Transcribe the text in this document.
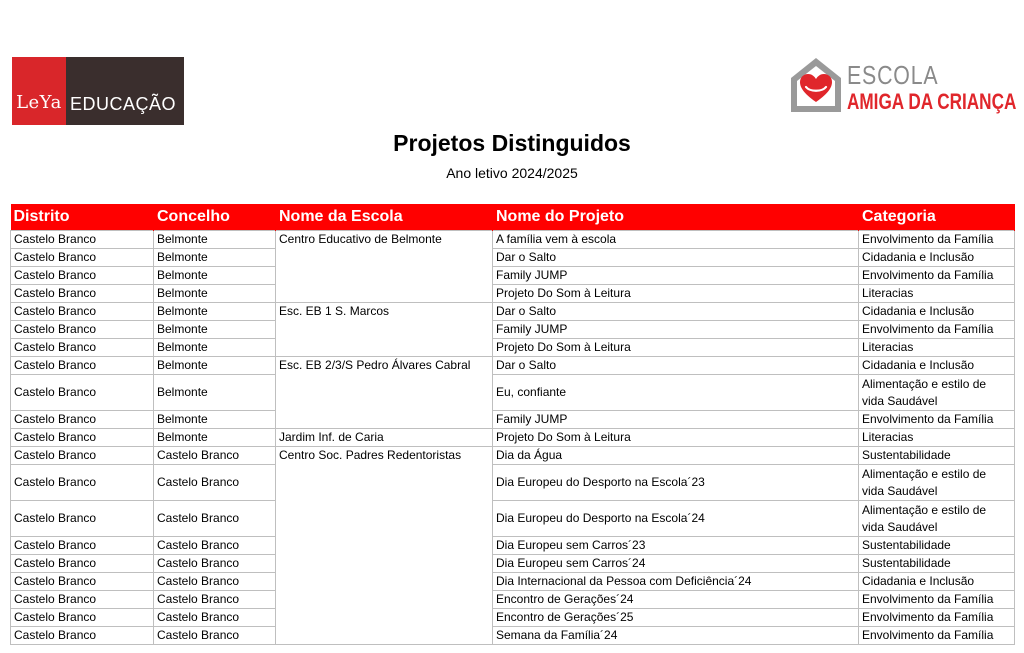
LeYa EDUCAÇÃO
ESCOLA
AMIGA DA CRIANÇA
Projetos Distinguidos
Ano letivo 2024/2025
Distrito	Concelho	Nome da Escola	Nome do Projeto	Categoria
Castelo Branco	Belmonte	Centro Educativo de Belmonte	A família vem à escola	Envolvimento da Família
Castelo Branco	Belmonte		Dar o Salto	Cidadania e Inclusão
Castelo Branco	Belmonte		Family JUMP	Envolvimento da Família
Castelo Branco	Belmonte		Projeto Do Som à Leitura	Literacias
Castelo Branco	Belmonte	Esc. EB 1 S. Marcos	Dar o Salto	Cidadania e Inclusão
Castelo Branco	Belmonte		Family JUMP	Envolvimento da Família
Castelo Branco	Belmonte		Projeto Do Som à Leitura	Literacias
Castelo Branco	Belmonte	Esc. EB 2/3/S Pedro Álvares Cabral	Dar o Salto	Cidadania e Inclusão
Castelo Branco	Belmonte		Eu, confiante	Alimentação e estilo de vida Saudável
Castelo Branco	Belmonte		Family JUMP	Envolvimento da Família
Castelo Branco	Belmonte	Jardim Inf. de Caria	Projeto Do Som à Leitura	Literacias
Castelo Branco	Castelo Branco	Centro Soc. Padres Redentoristas	Dia da Água	Sustentabilidade
Castelo Branco	Castelo Branco		Dia Europeu do Desporto na Escola´23	Alimentação e estilo de vida Saudável
Castelo Branco	Castelo Branco		Dia Europeu do Desporto na Escola´24	Alimentação e estilo de vida Saudável
Castelo Branco	Castelo Branco		Dia Europeu sem Carros´23	Sustentabilidade
Castelo Branco	Castelo Branco		Dia Europeu sem Carros´24	Sustentabilidade
Castelo Branco	Castelo Branco		Dia Internacional da Pessoa com Deficiência´24	Cidadania e Inclusão
Castelo Branco	Castelo Branco		Encontro de Gerações´24	Envolvimento da Família
Castelo Branco	Castelo Branco		Encontro de Gerações´25	Envolvimento da Família
Castelo Branco	Castelo Branco		Semana da Família´24	Envolvimento da Família
